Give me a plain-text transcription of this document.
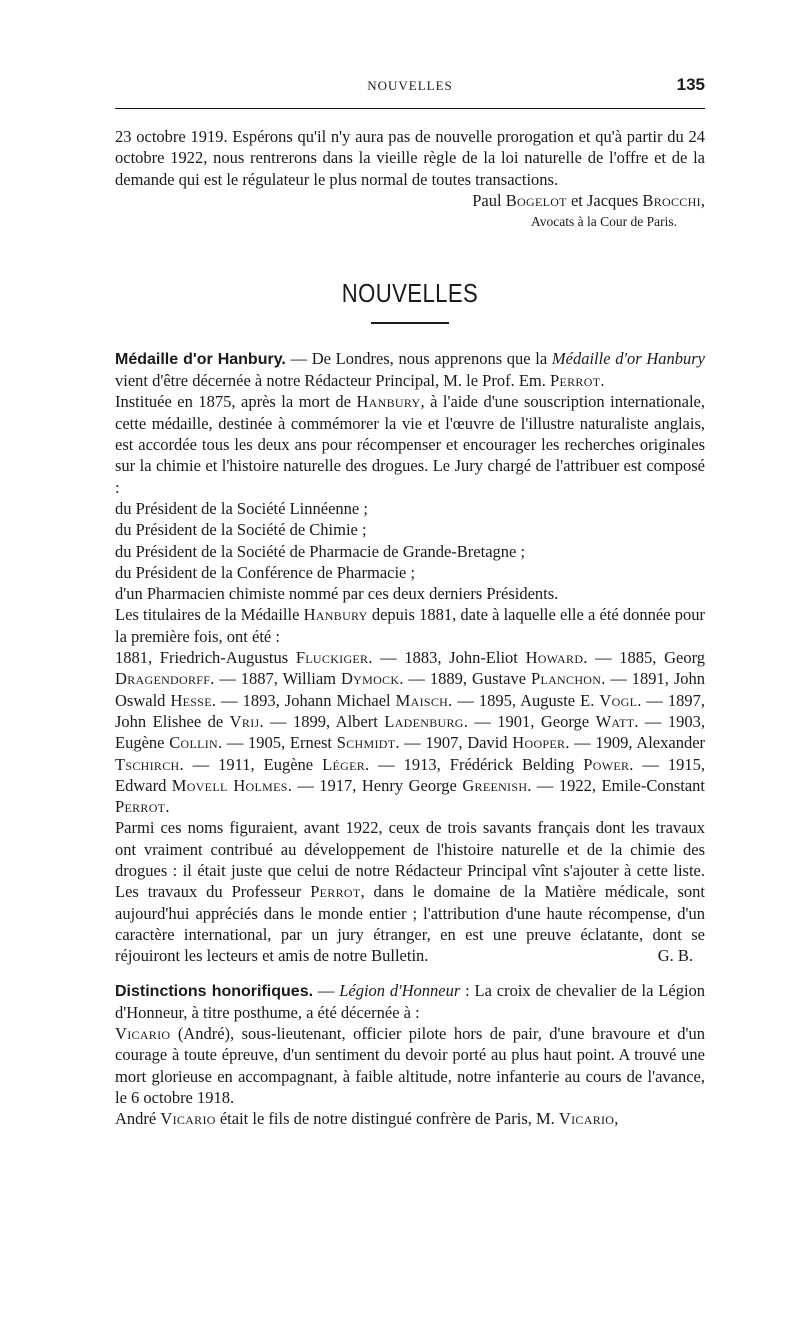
NOUVELLES	135

23 octobre 1919. Espérons qu'il n'y aura pas de nouvelle prorogation et qu'à partir du 24 octobre 1922, nous rentrerons dans la vieille règle de la loi naturelle de l'offre et de la demande qui est le régulateur le plus normal de toutes transactions.

Paul Bogelot et Jacques Brocchi,
Avocats à la Cour de Paris.
NOUVELLES

Médaille d'or Hanbury. — De Londres, nous apprenons que la Médaille d'or Hanbury vient d'être décernée à notre Rédacteur Principal, M. le Prof. Em. Perrot.

Instituée en 1875, après la mort de Hanbury, à l'aide d'une souscription internationale, cette médaille, destinée à commémorer la vie et l'œuvre de l'illustre naturaliste anglais, est accordée tous les deux ans pour récompenser et encourager les recherches originales sur la chimie et l'histoire naturelle des drogues. Le Jury chargé de l'attribuer est composé :

du Président de la Société Linnéenne ;

du Président de la Société de Chimie ;

du Président de la Société de Pharmacie de Grande-Bretagne ;

du Président de la Conférence de Pharmacie ;

d'un Pharmacien chimiste nommé par ces deux derniers Présidents.

Les titulaires de la Médaille Hanbury depuis 1881, date à laquelle elle a été donnée pour la première fois, ont été :

1881, Friedrich-Augustus Fluckiger. — 1883, John-Eliot Howard. — 1885, Georg Dragendorff. — 1887, William Dymock. — 1889, Gustave Planchon. — 1891, John Oswald Hesse. — 1893, Johann Michael Maisch. — 1895, Auguste E. Vogl. — 1897, John Elishee de Vrij. — 1899, Albert Ladenburg. — 1901, George Watt. — 1903, Eugène Collin. — 1905, Ernest Schmidt. — 1907, David Hooper. — 1909, Alexander Tschirch. — 1911, Eugène Léger. — 1913, Frédérick Belding Power. — 1915, Edward Movell Holmes. — 1917, Henry George Greenish. — 1922, Emile-Constant Perrot.

Parmi ces noms figuraient, avant 1922, ceux de trois savants français dont les travaux ont vraiment contribué au développement de l'histoire naturelle et de la chimie des drogues : il était juste que celui de notre Rédacteur Principal vînt s'ajouter à cette liste. Les travaux du Professeur Perrot, dans le domaine de la Matière médicale, sont aujourd'hui appréciés dans le monde entier ; l'attribution d'une haute récompense, d'un caractère international, par un jury étranger, en est une preuve éclatante, dont se réjouiront les lecteurs et amis de notre Bulletin.	G. B.

Distinctions honorifiques. — Légion d'Honneur : La croix de chevalier de la Légion d'Honneur, à titre posthume, a été décernée à :

Vicario (André), sous-lieutenant, officier pilote hors de pair, d'une bravoure et d'un courage à toute épreuve, d'un sentiment du devoir porté au plus haut point. A trouvé une mort glorieuse en accompagnant, à faible altitude, notre infanterie au cours de l'avance, le 6 octobre 1918.

André Vicario était le fils de notre distingué confrère de Paris, M. Vicario,
